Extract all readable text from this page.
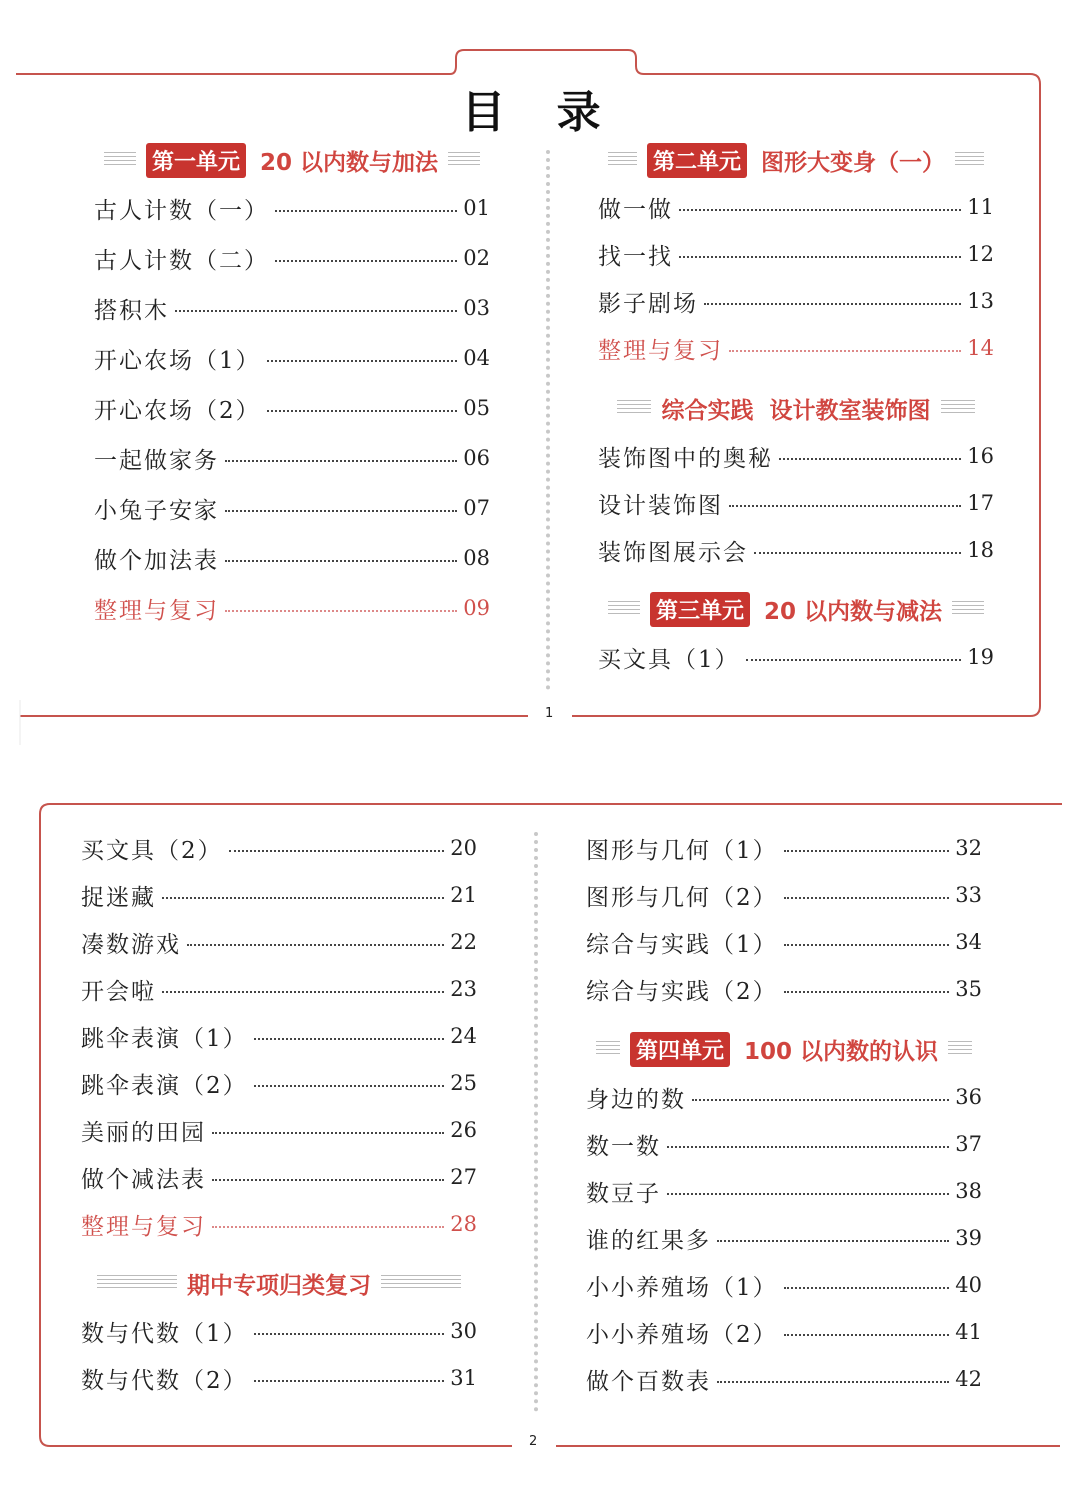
目 录
1
第一单元 20 以内数与加法
古人计数（一）	01
古人计数（二）	02
搭积木	03
开心农场（1）	04
开心农场（2）	05
一起做家务	06
小兔子安家	07
做个加法表	08
整理与复习	09
第二单元 图形大变身（一）
做一做	11
找一找	12
影子剧场	13
整理与复习	14
综合实践  设计教室装饰图
装饰图中的奥秘	16
设计装饰图	17
装饰图展示会	18
第三单元 20 以内数与减法
买文具（1）	19
2
买文具（2）	20
捉迷藏	21
凑数游戏	22
开会啦	23
跳伞表演（1）	24
跳伞表演（2）	25
美丽的田园	26
做个减法表	27
整理与复习	28
期中专项归类复习
数与代数（1）	30
数与代数（2）	31
图形与几何（1）	32
图形与几何（2）	33
综合与实践（1）	34
综合与实践（2）	35
第四单元 100 以内数的认识
身边的数	36
数一数	37
数豆子	38
谁的红果多	39
小小养殖场（1）	40
小小养殖场（2）	41
做个百数表	42
